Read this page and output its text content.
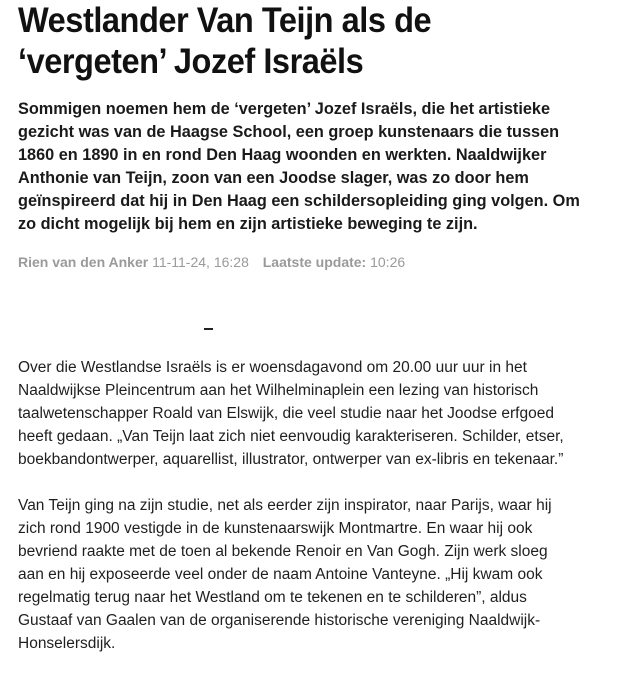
Westlander Van Teijn als de
‘vergeten’ Jozef Israëls
Sommigen noemen hem de ‘vergeten’ Jozef Israëls, die het artistieke
gezicht was van de Haagse School, een groep kunstenaars die tussen
1860 en 1890 in en rond Den Haag woonden en werkten. Naaldwijker
Anthonie van Teijn, zoon van een Joodse slager, was zo door hem
geïnspireerd dat hij in Den Haag een schildersopleiding ging volgen. Om
zo dicht mogelijk bij hem en zijn artistieke beweging te zijn.
Rien van den Anker 11-11-24, 16:28 Laatste update: 10:26

Over die Westlandse Israëls is er woensdagavond om 20.00 uur uur in het
Naaldwijkse Pleincentrum aan het Wilhelminaplein een lezing van historisch
taalwetenschapper Roald van Elswijk, die veel studie naar het Joodse erfgoed
heeft gedaan. „Van Teijn laat zich niet eenvoudig karakteriseren. Schilder, etser,
boekbandontwerper, aquarellist, illustrator, ontwerper van ex-libris en tekenaar.”

Van Teijn ging na zijn studie, net als eerder zijn inspirator, naar Parijs, waar hij
zich rond 1900 vestigde in de kunstenaarswijk Montmartre. En waar hij ook
bevriend raakte met de toen al bekende Renoir en Van Gogh. Zijn werk sloeg
aan en hij exposeerde veel onder de naam Antoine Vanteyne. „Hij kwam ook
regelmatig terug naar het Westland om te tekenen en te schilderen”, aldus
Gustaaf van Gaalen van de organiserende historische vereniging Naaldwijk-
Honselersdijk.
